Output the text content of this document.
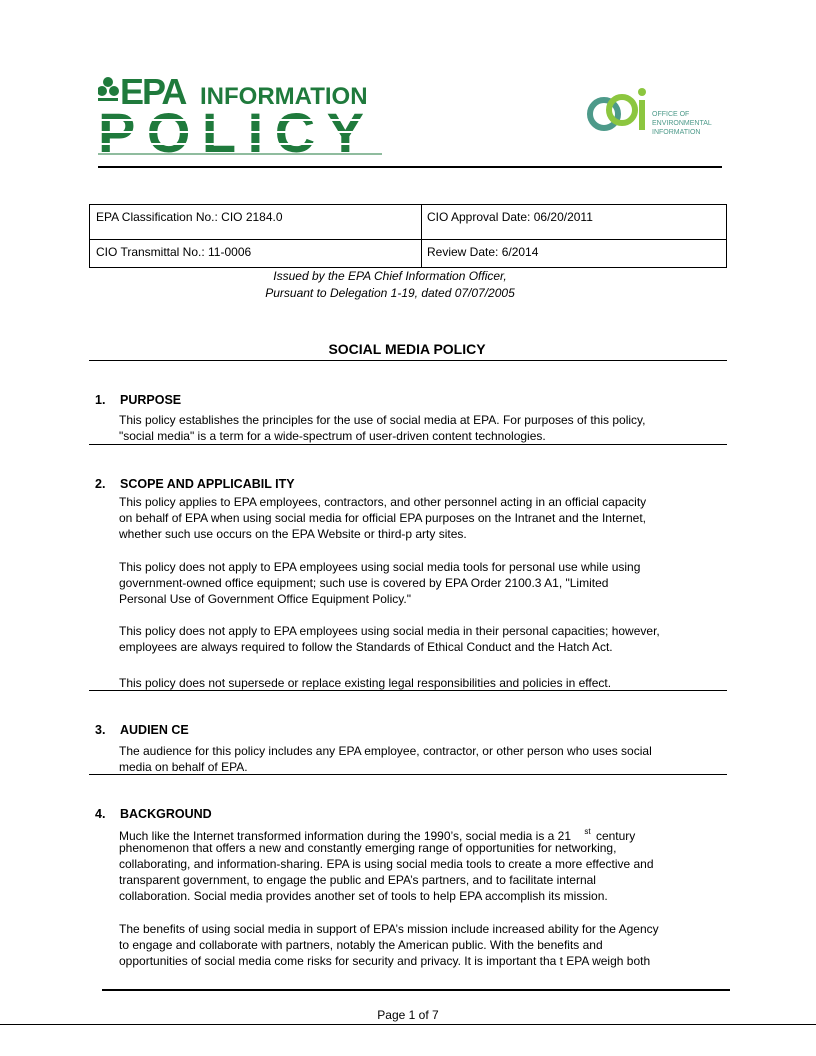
EPA INFORMATION
POLICY	OFFICE OF
ENVIRONMENTAL
INFORMATION
EPA Classification No.: CIO 2184.0	CIO Approval Date: 06/20/2011
CIO Transmittal No.: 11-0006	Review Date: 6/2014
Issued by the EPA Chief Information Officer,
Pursuant to Delegation 1-19, dated 07/07/2005
SOCIAL MEDIA POLICY
1. PURPOSE
This policy establishes the principles for the use of social media at EPA. For purposes of this policy,
"social media" is a term for a wide-spectrum of user-driven content technologies.
2. SCOPE AND APPLICABIL ITY
This policy applies to EPA employees, contractors, and other personnel acting in an official capacity
on behalf of EPA when using social media for official EPA purposes on the Intranet and the Internet,
whether such use occurs on the EPA Website or third-p arty sites.
This policy does not apply to EPA employees using social media tools for personal use while using
government-owned office equipment; such use is covered by EPA Order 2100.3 A1, "Limited
Personal Use of Government Office Equipment Policy."
This policy does not apply to EPA employees using social media in their personal capacities; however,
employees are always required to follow the Standards of Ethical Conduct and the Hatch Act.
This policy does not supersede or replace existing legal responsibilities and policies in effect.
3. AUDIEN CE
The audience for this policy includes any EPA employee, contractor, or other person who uses social
media on behalf of EPA.
4. BACKGROUND
Much like the Internet transformed information during the 1990’s, social media is a 21 $^{st}$ century
phenomenon that offers a new and constantly emerging range of opportunities for networking,
collaborating, and information-sharing. EPA is using social media tools to create a more effective and
transparent government, to engage the public and EPA’s partners, and to facilitate internal
collaboration. Social media provides another set of tools to help EPA accomplish its mission.
The benefits of using social media in support of EPA’s mission include increased ability for the Agency
to engage and collaborate with partners, notably the American public. With the benefits and
opportunities of social media come risks for security and privacy. It is important tha t EPA weigh both
Page 1 of 7
